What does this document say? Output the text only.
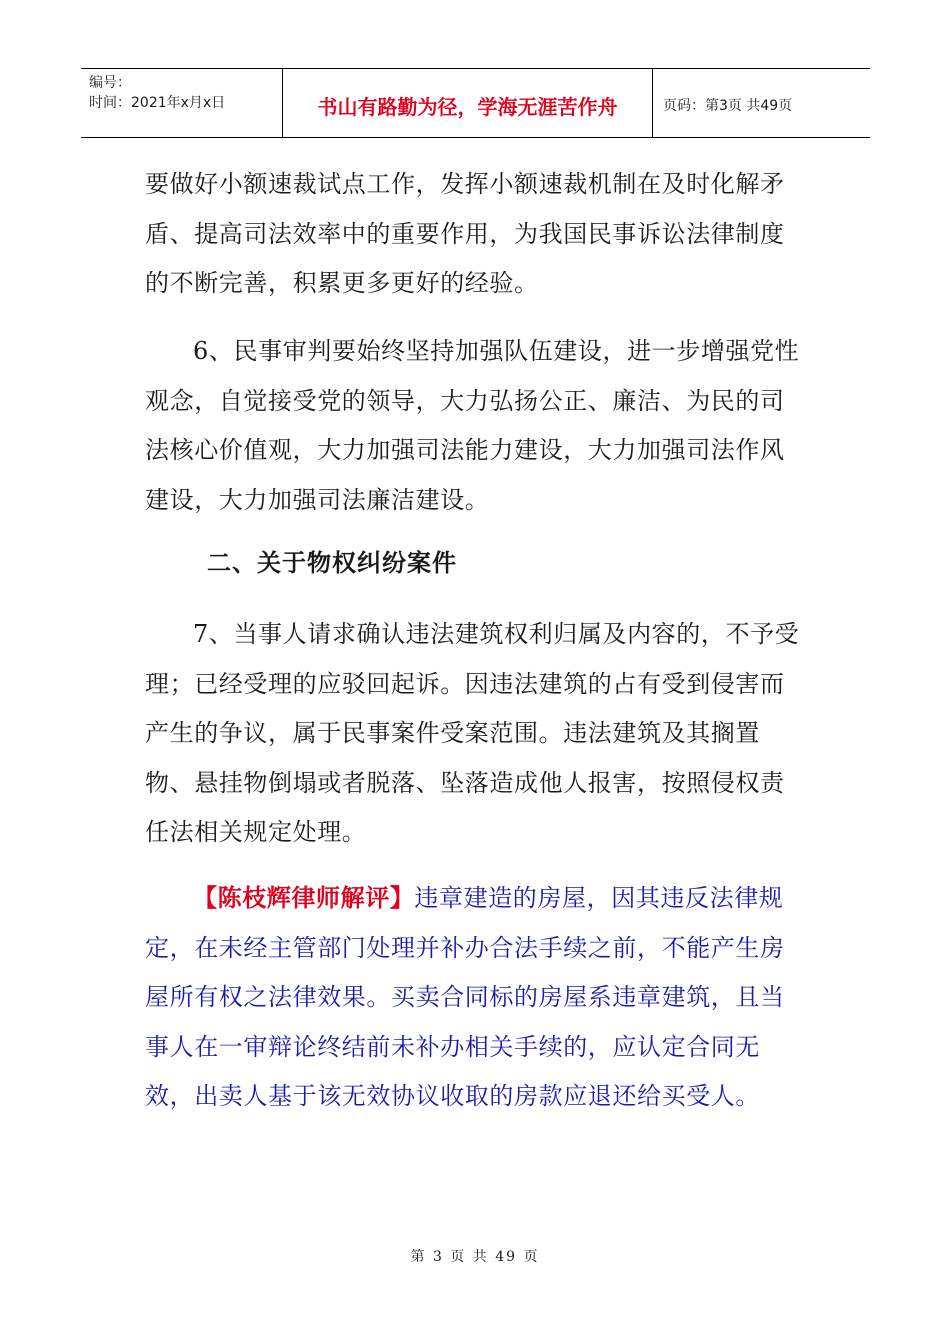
编号：
时间：2021年x月x日	书山有路勤为径，学海无涯苦作舟	页码：第3页 共49页

要做好小额速裁试点工作，发挥小额速裁机制在及时化解矛盾、提高司法效率中的重要作用，为我国民事诉讼法律制度的不断完善，积累更多更好的经验。

6、民事审判要始终坚持加强队伍建设，进一步增强党性观念，自觉接受党的领导，大力弘扬公正、廉洁、为民的司法核心价值观，大力加强司法能力建设，大力加强司法作风建设，大力加强司法廉洁建设。

二、关于物权纠纷案件

7、当事人请求确认违法建筑权利归属及内容的，不予受理；已经受理的应驳回起诉。因违法建筑的占有受到侵害而产生的争议，属于民事案件受案范围。违法建筑及其搁置物、悬挂物倒塌或者脱落、坠落造成他人报害，按照侵权责任法相关规定处理。

【陈枝辉律师解评】违章建造的房屋，因其违反法律规定，在未经主管部门处理并补办合法手续之前，不能产生房屋所有权之法律效果。买卖合同标的房屋系违章建筑，且当事人在一审辩论终结前未补办相关手续的，应认定合同无效，出卖人基于该无效协议收取的房款应退还给买受人。

第 3 页 共 49 页
